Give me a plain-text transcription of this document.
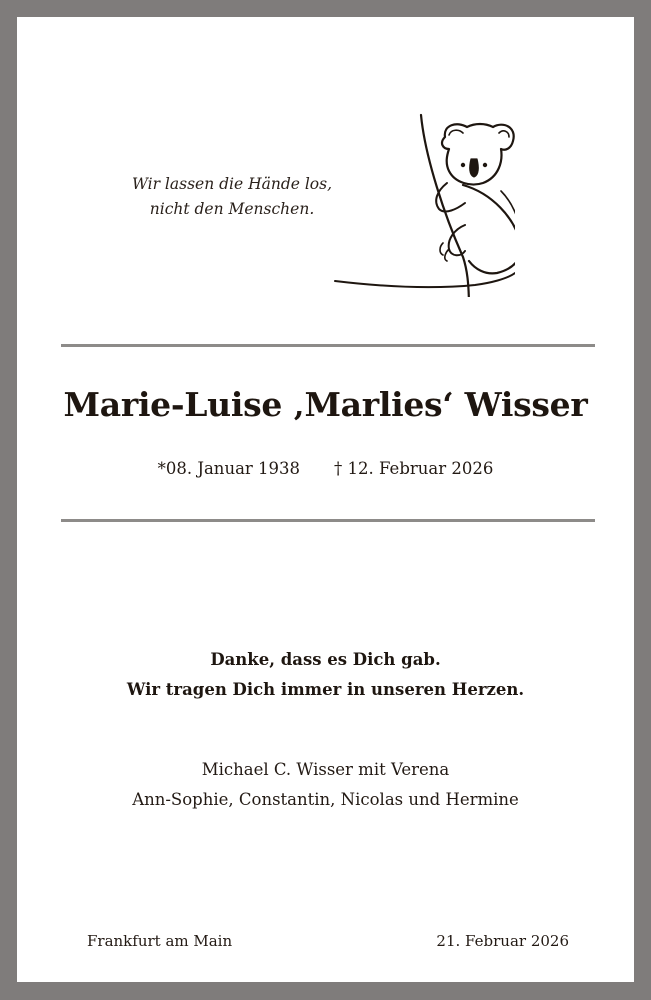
Wir lassen die Hände los,
nicht den Menschen.
Marie-Luise ‚Marlies‘ Wisser
*08. Januar 1938 † 12. Februar 2026
Danke, dass es Dich gab.
Wir tragen Dich immer in unseren Herzen.
Michael C. Wisser mit Verena
Ann-Sophie, Constantin, Nicolas und Hermine
Frankfurt am Main	21. Februar 2026
